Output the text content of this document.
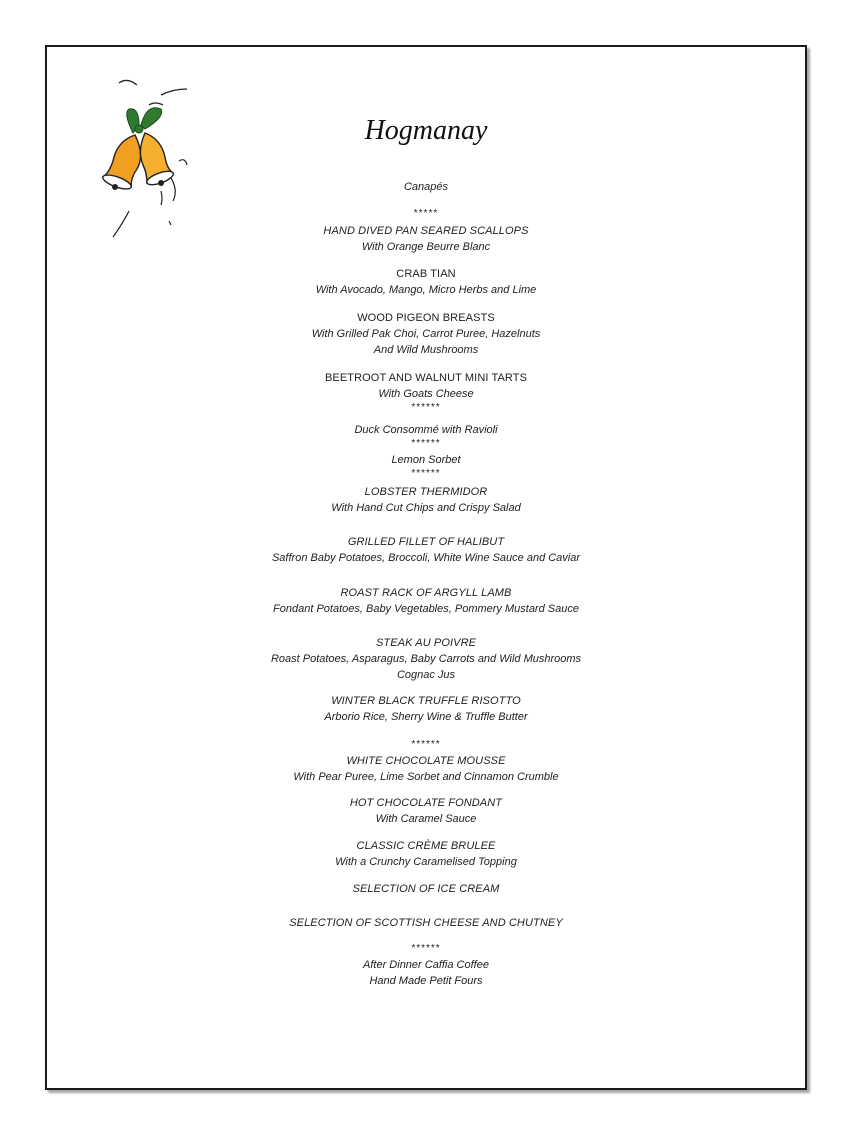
Hogmanay
Canapés
*****
HAND DIVED PAN SEARED SCALLOPS
With Orange Beurre Blanc
CRAB TIAN
With Avocado, Mango, Micro Herbs and Lime
WOOD PIGEON BREASTS
With Grilled Pak Choi, Carrot Puree, Hazelnuts
And Wild Mushrooms
BEETROOT AND WALNUT MINI TARTS
With Goats Cheese
******
Duck Consommé with Ravioli
******
Lemon Sorbet
******
LOBSTER THERMIDOR
With Hand Cut Chips and Crispy Salad
GRILLED FILLET OF HALIBUT
Saffron Baby Potatoes, Broccoli, White Wine Sauce and Caviar
ROAST RACK OF ARGYLL LAMB
Fondant Potatoes, Baby Vegetables, Pommery Mustard Sauce
STEAK AU POIVRE
Roast Potatoes, Asparagus, Baby Carrots and Wild Mushrooms
Cognac Jus
WINTER BLACK TRUFFLE RISOTTO
Arborio Rice, Sherry Wine & Truffle Butter
******
WHITE CHOCOLATE MOUSSE
With Pear Puree, Lime Sorbet and Cinnamon Crumble
HOT CHOCOLATE FONDANT
With Caramel Sauce
CLASSIC CRÈME BRULEE
With a Crunchy Caramelised Topping
SELECTION OF ICE CREAM
SELECTION OF SCOTTISH CHEESE AND CHUTNEY
******
After Dinner Caffia Coffee
Hand Made Petit Fours
